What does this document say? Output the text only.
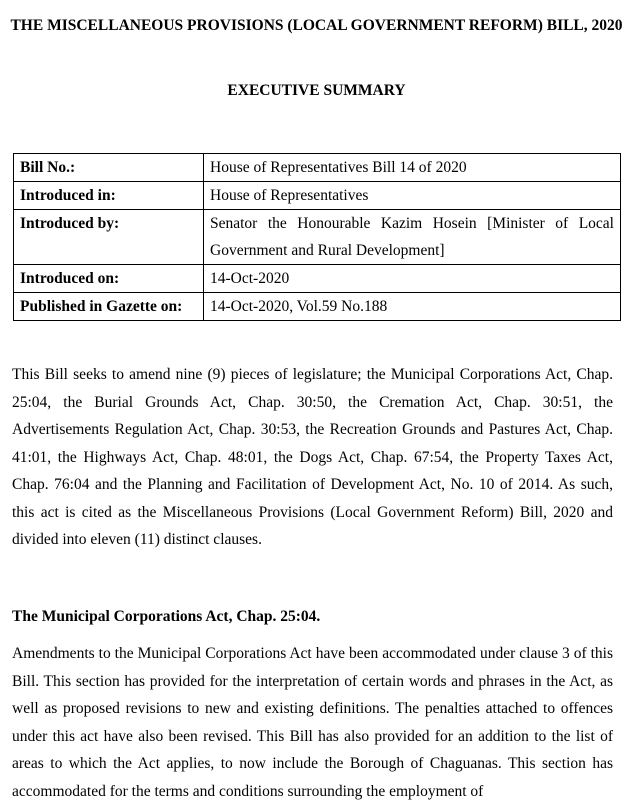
THE MISCELLANEOUS PROVISIONS (LOCAL GOVERNMENT REFORM) BILL, 2020
EXECUTIVE SUMMARY
Bill No.:	House of Representatives Bill 14 of 2020
Introduced in:	House of Representatives
Introduced by:	Senator the Honourable Kazim Hosein [Minister of Local Government and Rural Development]
Introduced on:	14-Oct-2020
Published in Gazette on:	14-Oct-2020, Vol.59 No.188
This Bill seeks to amend nine (9) pieces of legislature; the Municipal Corporations Act, Chap. 25:04, the Burial Grounds Act, Chap. 30:50, the Cremation Act, Chap. 30:51, the Advertisements Regulation Act, Chap. 30:53, the Recreation Grounds and Pastures Act, Chap. 41:01, the Highways Act, Chap. 48:01, the Dogs Act, Chap. 67:54, the Property Taxes Act, Chap. 76:04 and the Planning and Facilitation of Development Act, No. 10 of 2014. As such, this act is cited as the Miscellaneous Provisions (Local Government Reform) Bill, 2020 and divided into eleven (11) distinct clauses.
The Municipal Corporations Act, Chap. 25:04.
Amendments to the Municipal Corporations Act have been accommodated under clause 3 of this Bill. This section has provided for the interpretation of certain words and phrases in the Act, as well as proposed revisions to new and existing definitions. The penalties attached to offences under this act have also been revised. This Bill has also provided for an addition to the list of areas to which the Act applies, to now include the Borough of Chaguanas. This section has accommodated for the terms and conditions surrounding the employment of
